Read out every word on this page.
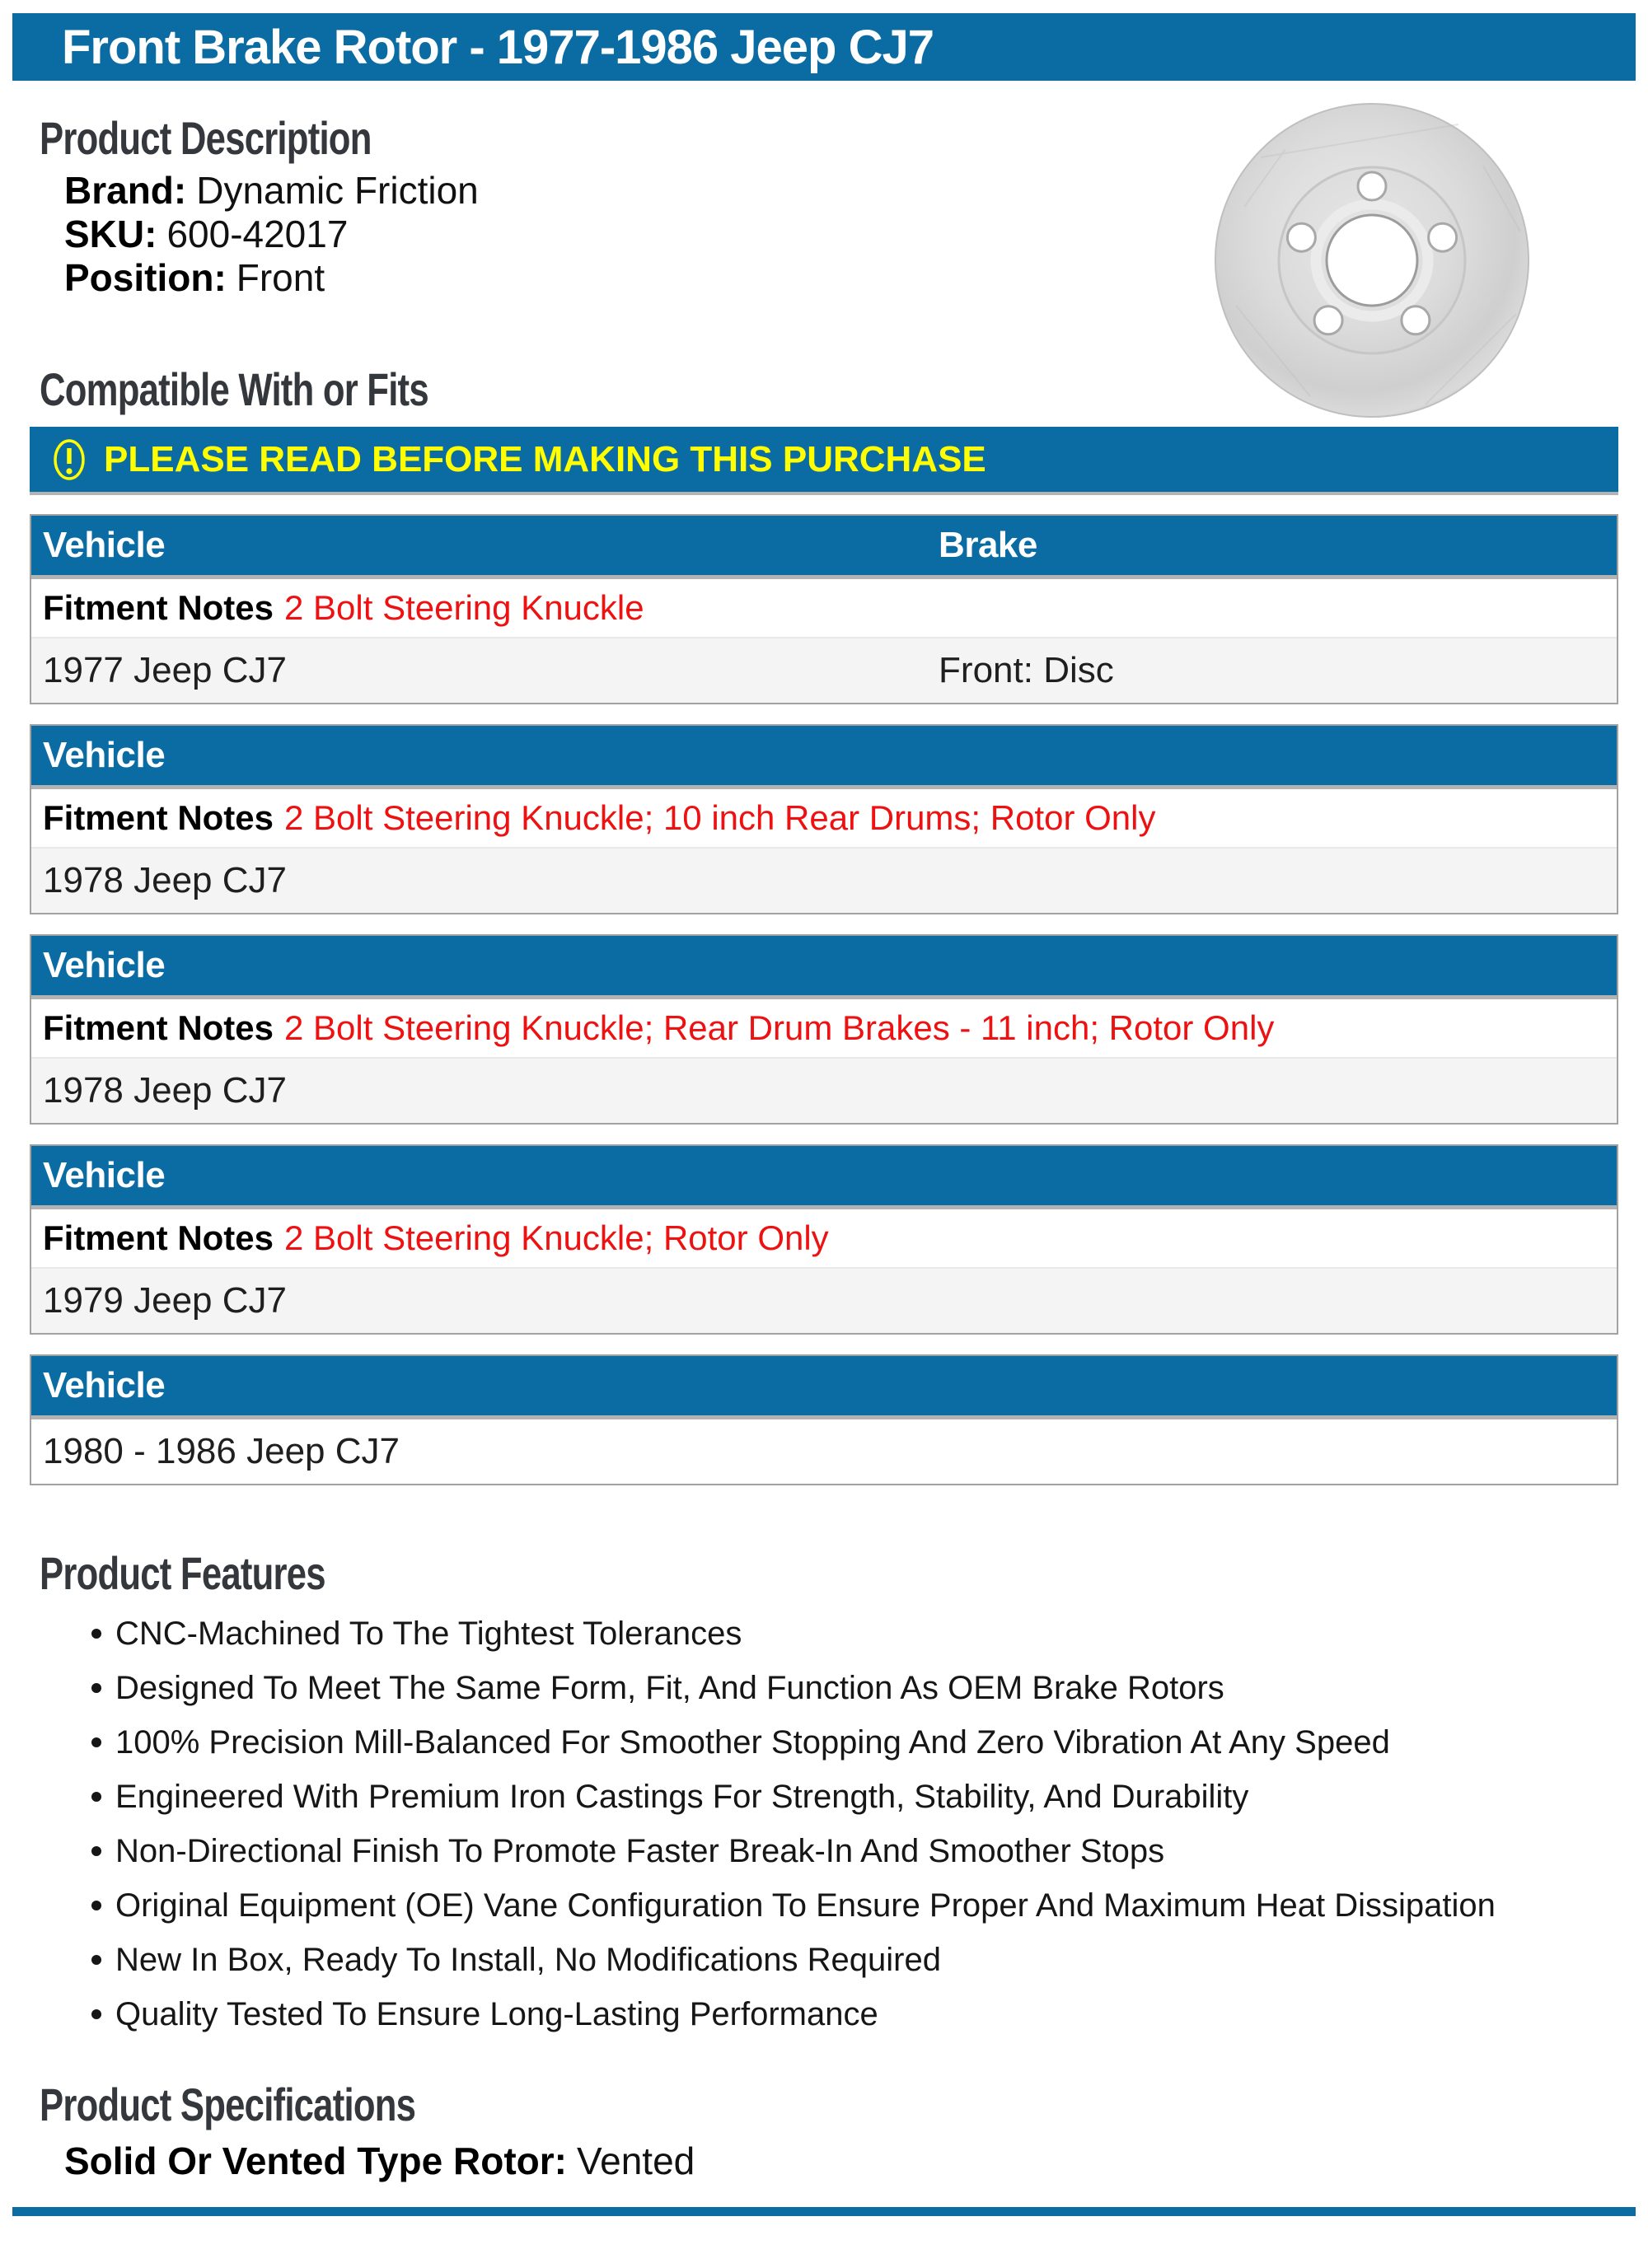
Front Brake Rotor - 1977-1986 Jeep CJ7
Product Description
Brand: Dynamic Friction
SKU: 600-42017
Position: Front
Compatible With or Fits
PLEASE READ BEFORE MAKING THIS PURCHASE
Vehicle	Brake
Fitment Notes 2 Bolt Steering Knuckle
1977 Jeep CJ7	Front: Disc
Vehicle
Fitment Notes 2 Bolt Steering Knuckle; 10 inch Rear Drums; Rotor Only
1978 Jeep CJ7
Vehicle
Fitment Notes 2 Bolt Steering Knuckle; Rear Drum Brakes - 11 inch; Rotor Only
1978 Jeep CJ7
Vehicle
Fitment Notes 2 Bolt Steering Knuckle; Rotor Only
1979 Jeep CJ7
Vehicle
1980 - 1986 Jeep CJ7
Product Features
CNC-Machined To The Tightest Tolerances
Designed To Meet The Same Form, Fit, And Function As OEM Brake Rotors
100% Precision Mill-Balanced For Smoother Stopping And Zero Vibration At Any Speed
Engineered With Premium Iron Castings For Strength, Stability, And Durability
Non-Directional Finish To Promote Faster Break-In And Smoother Stops
Original Equipment (OE) Vane Configuration To Ensure Proper And Maximum Heat Dissipation
New In Box, Ready To Install, No Modifications Required
Quality Tested To Ensure Long-Lasting Performance
Product Specifications
Solid Or Vented Type Rotor: Vented
